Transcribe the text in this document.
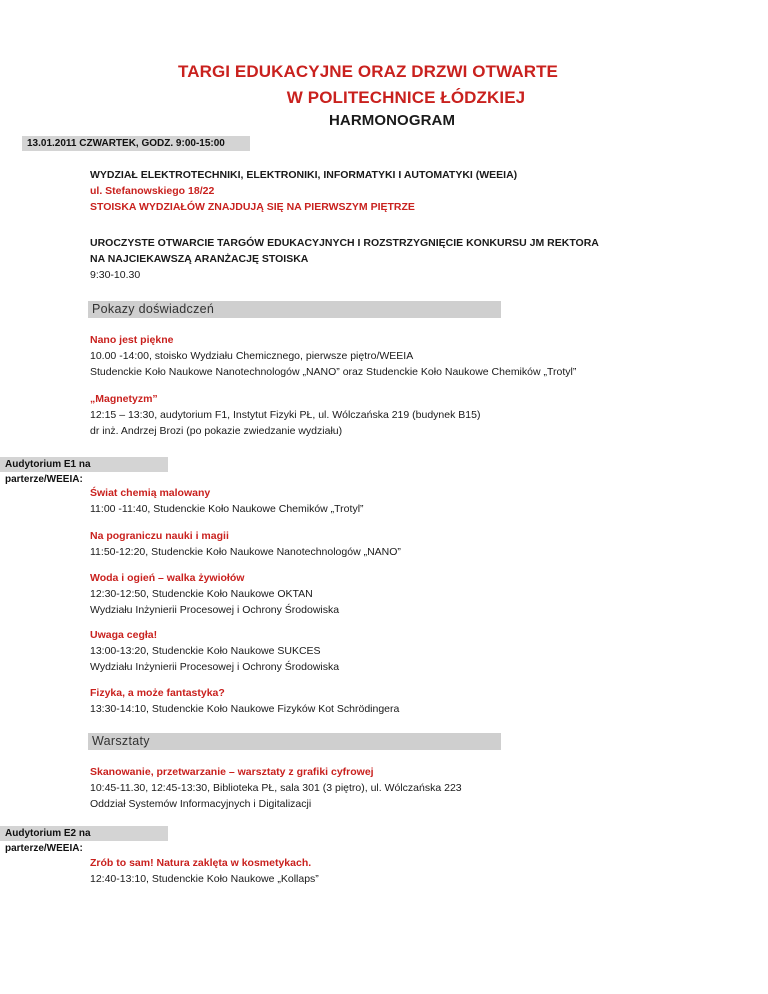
TARGI EDUKACYJNE ORAZ DRZWI OTWARTE
W POLITECHNICE ŁÓDZKIEJ
HARMONOGRAM
13.01.2011 CZWARTEK, GODZ. 9:00-15:00
WYDZIAŁ ELEKTROTECHNIKI, ELEKTRONIKI, INFORMATYKI I AUTOMATYKI (WEEIA)
ul. Stefanowskiego 18/22
STOISKA WYDZIAŁÓW ZNAJDUJĄ SIĘ NA PIERWSZYM PIĘTRZE
UROCZYSTE OTWARCIE TARGÓW EDUKACYJNYCH I ROZSTRZYGNIĘCIE KONKURSU JM REKTORA
NA NAJCIEKAWSZĄ ARANŻACJĘ STOISKA
9:30-10.30
Pokazy doświadczeń
Nano jest piękne
10.00 -14:00, stoisko Wydziału Chemicznego, pierwsze piętro/WEEIA
Studenckie Koło Naukowe Nanotechnologów „NANO” oraz Studenckie Koło Naukowe Chemików „Trotyl”
„Magnetyzm”
12:15 – 13:30, audytorium F1, Instytut Fizyki PŁ, ul. Wólczańska 219 (budynek B15)
dr inż. Andrzej Brozi (po pokazie zwiedzanie wydziału)
Audytorium E1 na parterze/WEEIA:
Świat chemią malowany
11:00 -11:40, Studenckie Koło Naukowe Chemików „Trotyl”
Na pograniczu nauki i magii
11:50-12:20, Studenckie Koło Naukowe Nanotechnologów „NANO”
Woda i ogień – walka żywiołów
12:30-12:50, Studenckie Koło Naukowe OKTAN
Wydziału Inżynierii Procesowej i Ochrony Środowiska
Uwaga cegła!
13:00-13:20, Studenckie Koło Naukowe SUKCES
Wydziału Inżynierii Procesowej i Ochrony Środowiska
Fizyka, a może fantastyka?
13:30-14:10, Studenckie Koło Naukowe Fizyków Kot Schrödingera
Warsztaty
Skanowanie, przetwarzanie – warsztaty z grafiki cyfrowej
10:45-11.30, 12:45-13:30, Biblioteka PŁ, sala 301 (3 piętro), ul. Wólczańska 223
Oddział Systemów Informacyjnych i Digitalizacji
Audytorium E2 na parterze/WEEIA:
Zrób to sam! Natura zaklęta w kosmetykach.
12:40-13:10, Studenckie Koło Naukowe „Kollaps”
